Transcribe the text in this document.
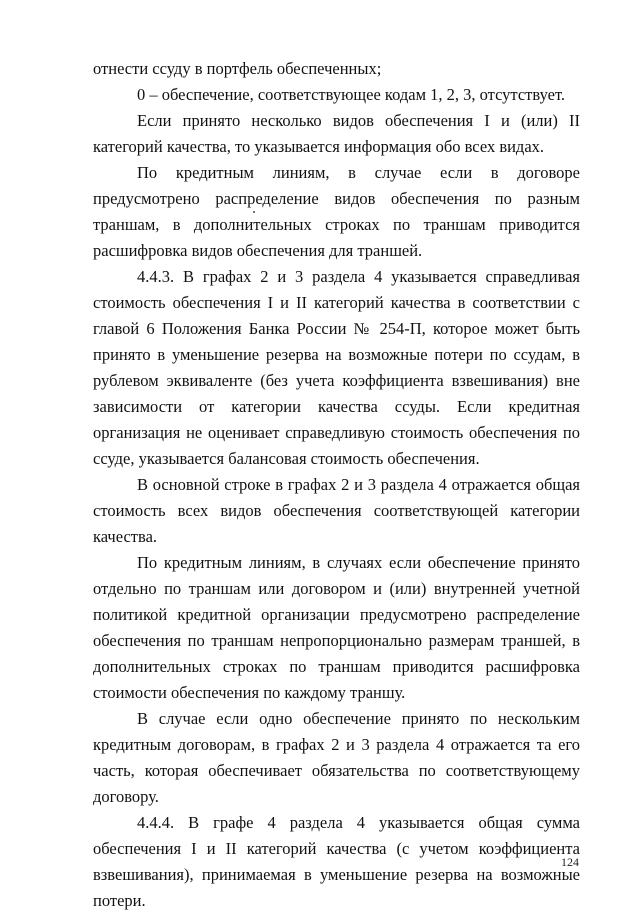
отнести ссуду в портфель обеспеченных;

0 – обеспечение, соответствующее кодам 1, 2, 3, отсутствует.

Если принято несколько видов обеспечения I и (или) II категорий качества, то указывается информация обо всех видах.

По кредитным линиям, в случае если в договоре предусмотрено распределение видов обеспечения по разным траншам, в дополнительных строках по траншам приводится расшифровка видов обеспечения для траншей.

4.4.3. В графах 2 и 3 раздела 4 указывается справедливая стоимость обеспечения I и II категорий качества в соответствии с главой 6 Положения Банка России № 254-П, которое может быть принято в уменьшение резерва на возможные потери по ссудам, в рублевом эквиваленте (без учета коэффициента взвешивания) вне зависимости от категории качества ссуды. Если кредитная организация не оценивает справедливую стоимость обеспечения по ссуде, указывается балансовая стоимость обеспечения.

В основной строке в графах 2 и 3 раздела 4 отражается общая стоимость всех видов обеспечения соответствующей категории качества.

По кредитным линиям, в случаях если обеспечение принято отдельно по траншам или договором и (или) внутренней учетной политикой кредитной организации предусмотрено распределение обеспечения по траншам непропорционально размерам траншей, в дополнительных строках по траншам приводится расшифровка стоимости обеспечения по каждому траншу.

В случае если одно обеспечение принято по нескольким кредитным договорам, в графах 2 и 3 раздела 4 отражается та его часть, которая обеспечивает обязательства по соответствующему договору.

4.4.4. В графе 4 раздела 4 указывается общая сумма обеспечения I и II категорий качества (с учетом коэффициента взвешивания), принимаемая в уменьшение резерва на возможные потери.

124
